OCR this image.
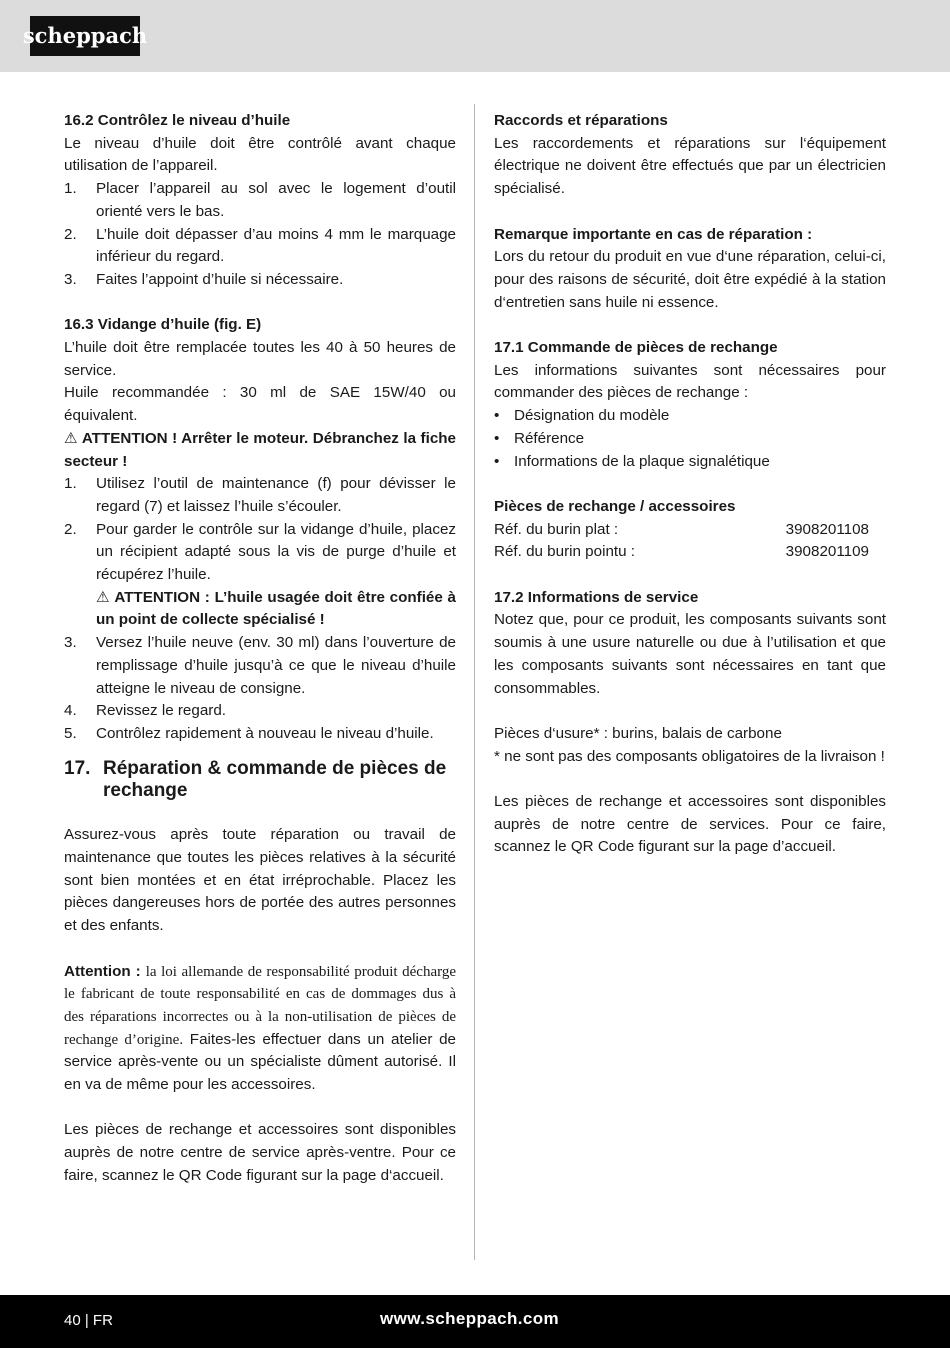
scheppach

16.2 Contrôlez le niveau d’huile

Le niveau d’huile doit être contrôlé avant chaque utilisation de l’appareil.

1. Placer l’appareil au sol avec le logement d’outil orienté vers le bas.
2. L’huile doit dépasser d’au moins 4 mm le marquage inférieur du regard.
3. Faites l’appoint d’huile si nécessaire.

16.3 Vidange d’huile (fig. E)

L’huile doit être remplacée toutes les 40 à 50 heures de service.

Huile recommandée : 30 ml de SAE 15W/40 ou équivalent.

⚠ ATTENTION ! Arrêter le moteur. Débranchez la fiche secteur !

1. Utilisez l’outil de maintenance (f) pour dévisser le regard (7) et laissez l’huile s’écouler.
2. Pour garder le contrôle sur la vidange d’huile, placez un récipient adapté sous la vis de purge d’huile et récupérez l’huile.

⚠ ATTENTION : L’huile usagée doit être confiée à un point de collecte spécialisé !

3. Versez l’huile neuve (env. 30 ml) dans l’ouverture de remplissage d’huile jusqu’à ce que le niveau d’huile atteigne le niveau de consigne.
4. Revissez le regard.
5. Contrôlez rapidement à nouveau le niveau d’huile.
17. Réparation & commande de pièces de rechange

Assurez-vous après toute réparation ou travail de maintenance que toutes les pièces relatives à la sécurité sont bien montées et en état irréprochable. Placez les pièces dangereuses hors de portée des autres personnes et des enfants.

Attention : la loi allemande de responsabilité produit décharge le fabricant de toute responsabilité en cas de dommages dus à des réparations incorrectes ou à la non-utilisation de pièces de rechange d’origine. Faites-les effectuer dans un atelier de service après-vente ou un spécialiste dûment autorisé. Il en va de même pour les accessoires.

Les pièces de rechange et accessoires sont disponibles auprès de notre centre de service après-ventre. Pour ce faire, scannez le QR Code figurant sur la page d‘accueil.

Raccords et réparations

Les raccordements et réparations sur l‘équipement électrique ne doivent être effectués que par un électricien spécialisé.

Remarque importante en cas de réparation :

Lors du retour du produit en vue d‘une réparation, celui-ci, pour des raisons de sécurité, doit être expédié à la station d‘entretien sans huile ni essence.

17.1 Commande de pièces de rechange

Les informations suivantes sont nécessaires pour commander des pièces de rechange :

• Désignation du modèle
• Référence
• Informations de la plaque signalétique

Pièces de rechange / accessoires

Réf. du burin plat :	3908201108
Réf. du burin pointu :	3908201109

17.2 Informations de service

Notez que, pour ce produit, les composants suivants sont soumis à une usure naturelle ou due à l’utilisation et que les composants suivants sont nécessaires en tant que consommables.

Pièces d‘usure* : burins, balais de carbone

* ne sont pas des composants obligatoires de la livraison !

Les pièces de rechange et accessoires sont disponibles auprès de notre centre de services. Pour ce faire, scannez le QR Code figurant sur la page d’accueil.

40 | FR	www.scheppach.com
